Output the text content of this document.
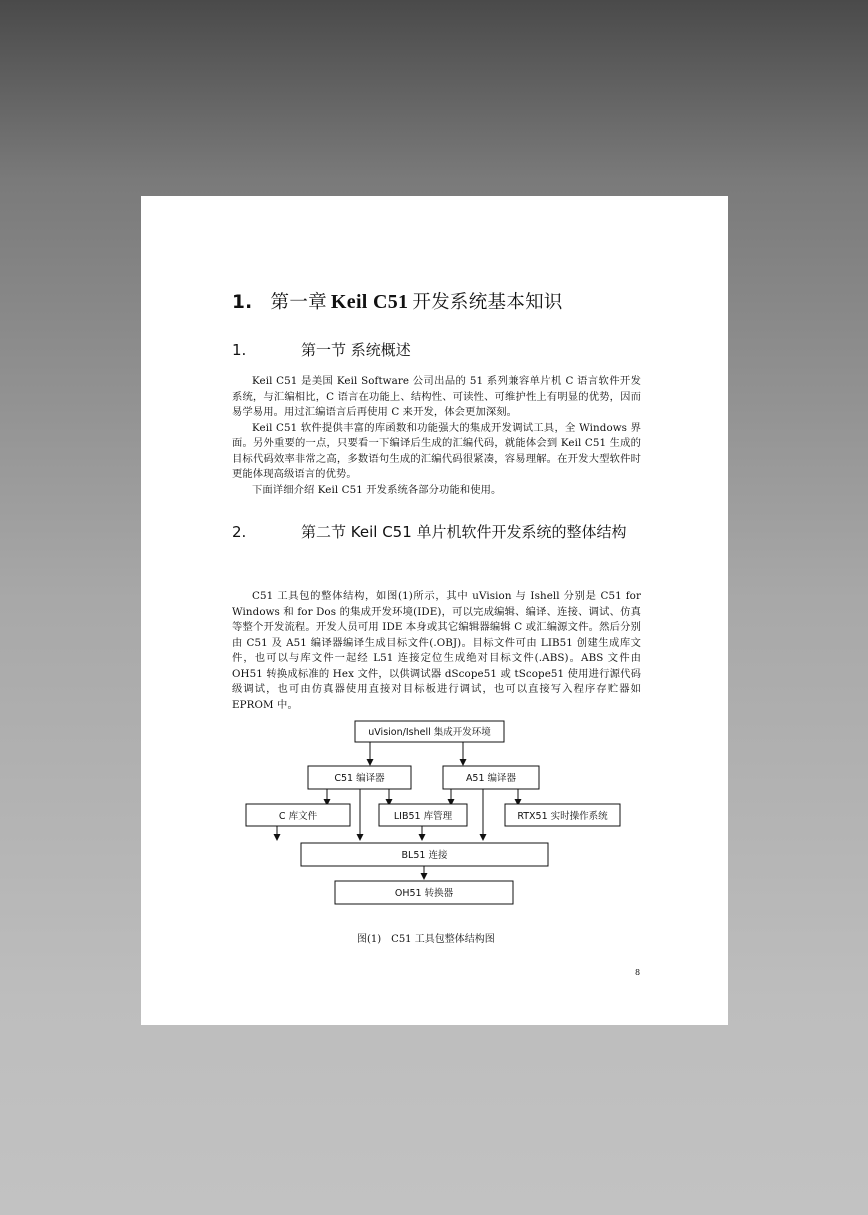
1. 第一章 Keil C51 开发系统基本知识
1.	第一节 系统概述

Keil C51 是美国 Keil Software 公司出品的 51 系列兼容单片机 C 语言软件开发系统，与汇编相比，C 语言在功能上、结构性、可读性、可维护性上有明显的优势，因而易学易用。用过汇编语言后再使用 C 来开发，体会更加深刻。

Keil C51 软件提供丰富的库函数和功能强大的集成开发调试工具，全 Windows 界面。另外重要的一点，只要看一下编译后生成的汇编代码，就能体会到 Keil C51 生成的目标代码效率非常之高，多数语句生成的汇编代码很紧凑，容易理解。在开发大型软件时更能体现高级语言的优势。

下面详细介绍 Keil C51 开发系统各部分功能和使用。

2.	第二节 Keil C51 单片机软件开发系统的整体结构

C51 工具包的整体结构，如图(1)所示，其中 uVision 与 Ishell 分别是 C51 for Windows 和 for Dos 的集成开发环境(IDE)，可以完成编辑、编译、连接、调试、仿真等整个开发流程。开发人员可用 IDE 本身或其它编辑器编辑 C 或汇编源文件。然后分别由 C51 及 A51 编译器编译生成目标文件(.OBJ)。目标文件可由 LIB51 创建生成库文件，也可以与库文件一起经 L51 连接定位生成绝对目标文件(.ABS)。ABS 文件由 OH51 转换成标准的 Hex 文件，以供调试器 dScope51 或 tScope51 使用进行源代码级调试，也可由仿真器使用直接对目标板进行调试，也可以直接写入程序存贮器如 EPROM 中。

uVision/Ishell 集成开发环境
C51 编译器	A51 编译器
C 库文件	LIB51 库管理	RTX51 实时操作系统
BL51 连接
OH51 转换器
图(1)　C51 工具包整体结构图
8
